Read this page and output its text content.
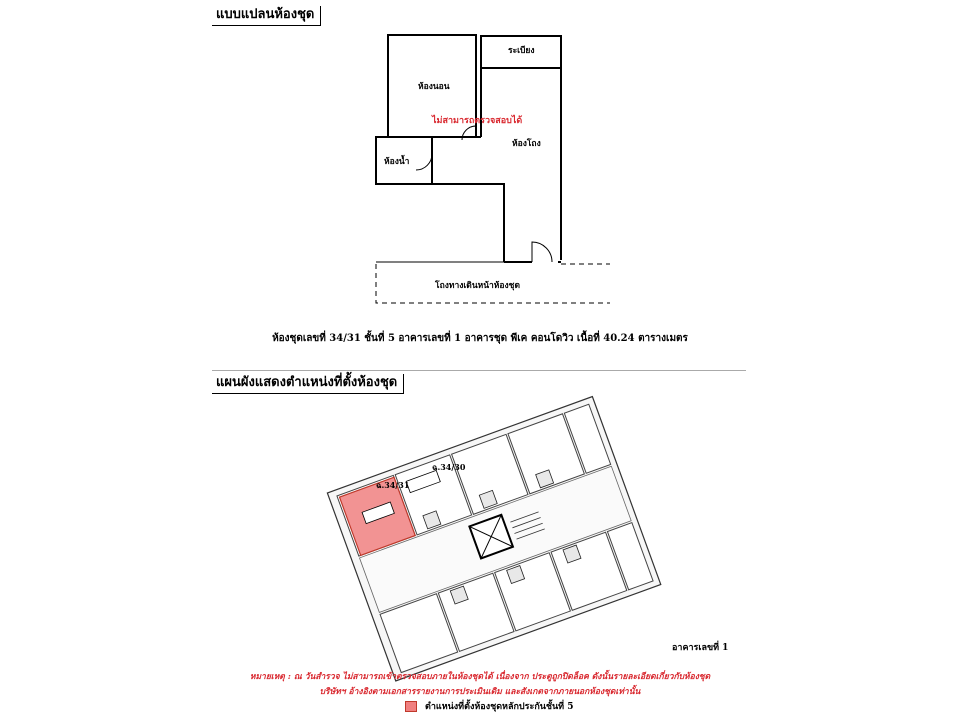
แบบแปลนห้องชุด
ระเบียง
ห้องนอน
ไม่สามารถตรวจสอบได้
ห้องโถง
ห้องน้ำ
โถงทางเดินหน้าห้องชุด
ห้องชุดเลขที่ 34/31 ชั้นที่ 5 อาคารเลขที่ 1 อาคารชุด พีเค คอนโดวิว เนื้อที่ 40.24 ตารางเมตร
แผนผังแสดงตำแหน่งที่ตั้งห้องชุด
ฉ.34/31
ฉ.34/30
อาคารเลขที่ 1
หมายเหตุ : ณ วันสำรวจ ไม่สามารถเข้าตรวจสอบภายในห้องชุดได้ เนื่องจาก ประตูถูกปิดล็อค ดังนั้นรายละเอียดเกี่ยวกับห้องชุด
บริษัทฯ อ้างอิงตามเอกสารรายงานการประเมินเดิม และสังเกตจากภายนอกห้องชุดเท่านั้น
ตำแหน่งที่ตั้งห้องชุดหลักประกันชั้นที่ 5
